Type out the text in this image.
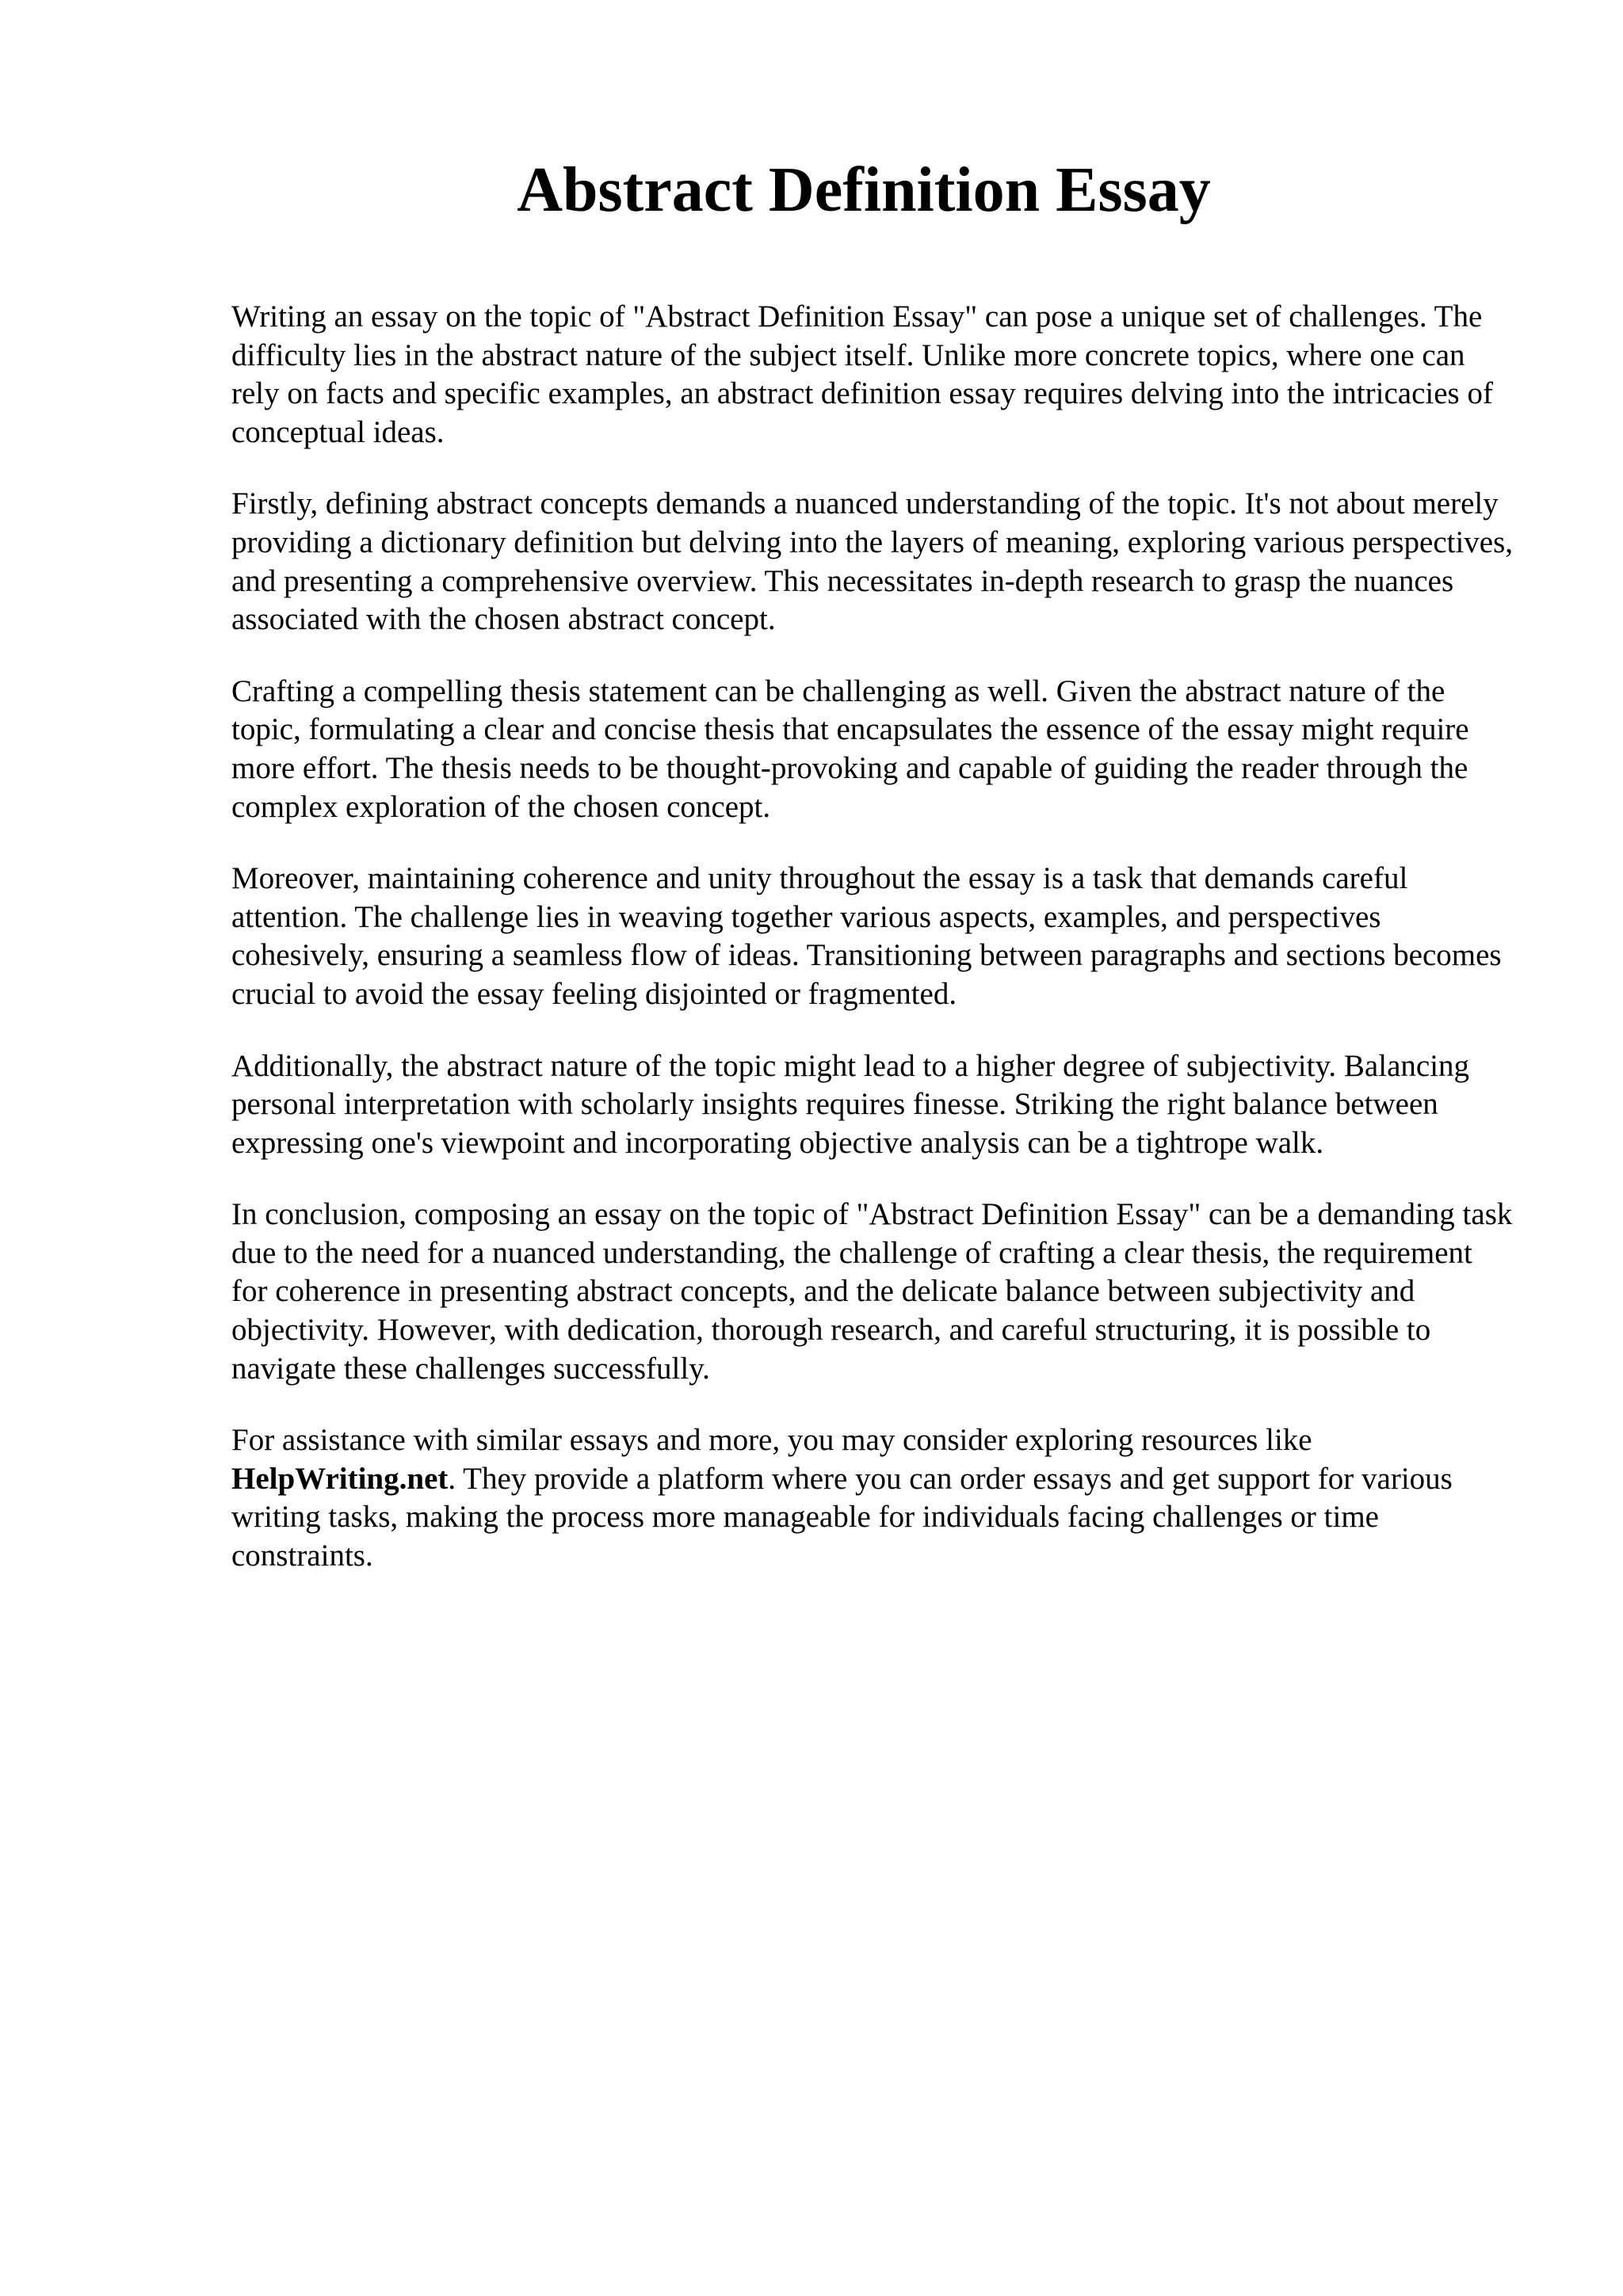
Abstract Definition Essay

Writing an essay on the topic of "Abstract Definition Essay" can pose a unique set of challenges. The difficulty lies in the abstract nature of the subject itself. Unlike more concrete topics, where one can rely on facts and specific examples, an abstract definition essay requires delving into the intricacies of conceptual ideas.

Firstly, defining abstract concepts demands a nuanced understanding of the topic. It's not about merely providing a dictionary definition but delving into the layers of meaning, exploring various perspectives, and presenting a comprehensive overview. This necessitates in-depth research to grasp the nuances associated with the chosen abstract concept.

Crafting a compelling thesis statement can be challenging as well. Given the abstract nature of the topic, formulating a clear and concise thesis that encapsulates the essence of the essay might require more effort. The thesis needs to be thought-provoking and capable of guiding the reader through the complex exploration of the chosen concept.

Moreover, maintaining coherence and unity throughout the essay is a task that demands careful attention. The challenge lies in weaving together various aspects, examples, and perspectives cohesively, ensuring a seamless flow of ideas. Transitioning between paragraphs and sections becomes crucial to avoid the essay feeling disjointed or fragmented.

Additionally, the abstract nature of the topic might lead to a higher degree of subjectivity. Balancing personal interpretation with scholarly insights requires finesse. Striking the right balance between expressing one's viewpoint and incorporating objective analysis can be a tightrope walk.

In conclusion, composing an essay on the topic of "Abstract Definition Essay" can be a demanding task due to the need for a nuanced understanding, the challenge of crafting a clear thesis, the requirement for coherence in presenting abstract concepts, and the delicate balance between subjectivity and objectivity. However, with dedication, thorough research, and careful structuring, it is possible to navigate these challenges successfully.

For assistance with similar essays and more, you may consider exploring resources like HelpWriting.net. They provide a platform where you can order essays and get support for various writing tasks, making the process more manageable for individuals facing challenges or time constraints.
